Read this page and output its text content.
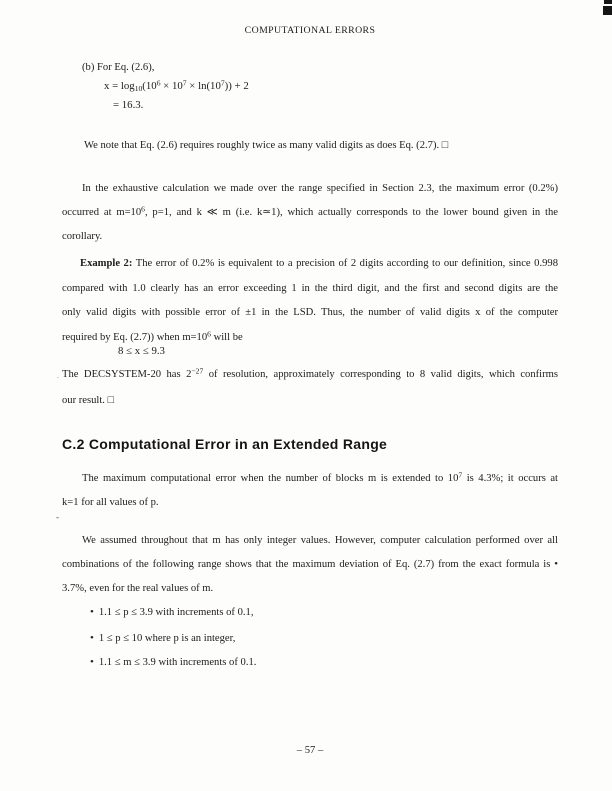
COMPUTATIONAL ERRORS
(b) For Eq. (2.6),
$x = \log_{10}(10^6 \times 10^7 \times \ln(10^7)) + 2$
= 16.3.
We note that Eq. (2.6) requires roughly twice as many valid digits as does Eq. (2.7). □
In the exhaustive calculation we made over the range specified in Section 2.3, the maximum error (0.2%)
occurred at $m=10^6$, p=1, and k ≪ m (i.e. k≃1), which actually corresponds to the lower bound given in the
corollary.
Example 2: The error of 0.2% is equivalent to a precision of 2 digits according to our definition, since 0.998
compared with 1.0 clearly has an error exceeding 1 in the third digit, and the first and second digits are the
only valid digits with possible error of ±1 in the LSD. Thus, the number of valid digits x of the computer
required by Eq. (2.7)) when $m=10^6$ will be
8 ≤ x ≤ 9.3
The DECSYSTEM-20 has $2^{-27}$ of resolution, approximately corresponding to 8 valid digits, which confirms
our result. □
C.2 Computational Error in an Extended Range
The maximum computational error when the number of blocks m is extended to $10^7$ is 4.3%; it occurs at
k=1 for all values of p.
.
-
We assumed throughout that m has only integer values. However, computer calculation performed over all
combinations of the following range shows that the maximum deviation of Eq. (2.7) from the exact formula is •
3.7%, even for the real values of m.
• 1.1 ≤ p ≤ 3.9 with increments of 0.1,
• 1 ≤ p ≤ 10 where p is an integer,
• 1.1 ≤ m ≤ 3.9 with increments of 0.1.
– 57 –
